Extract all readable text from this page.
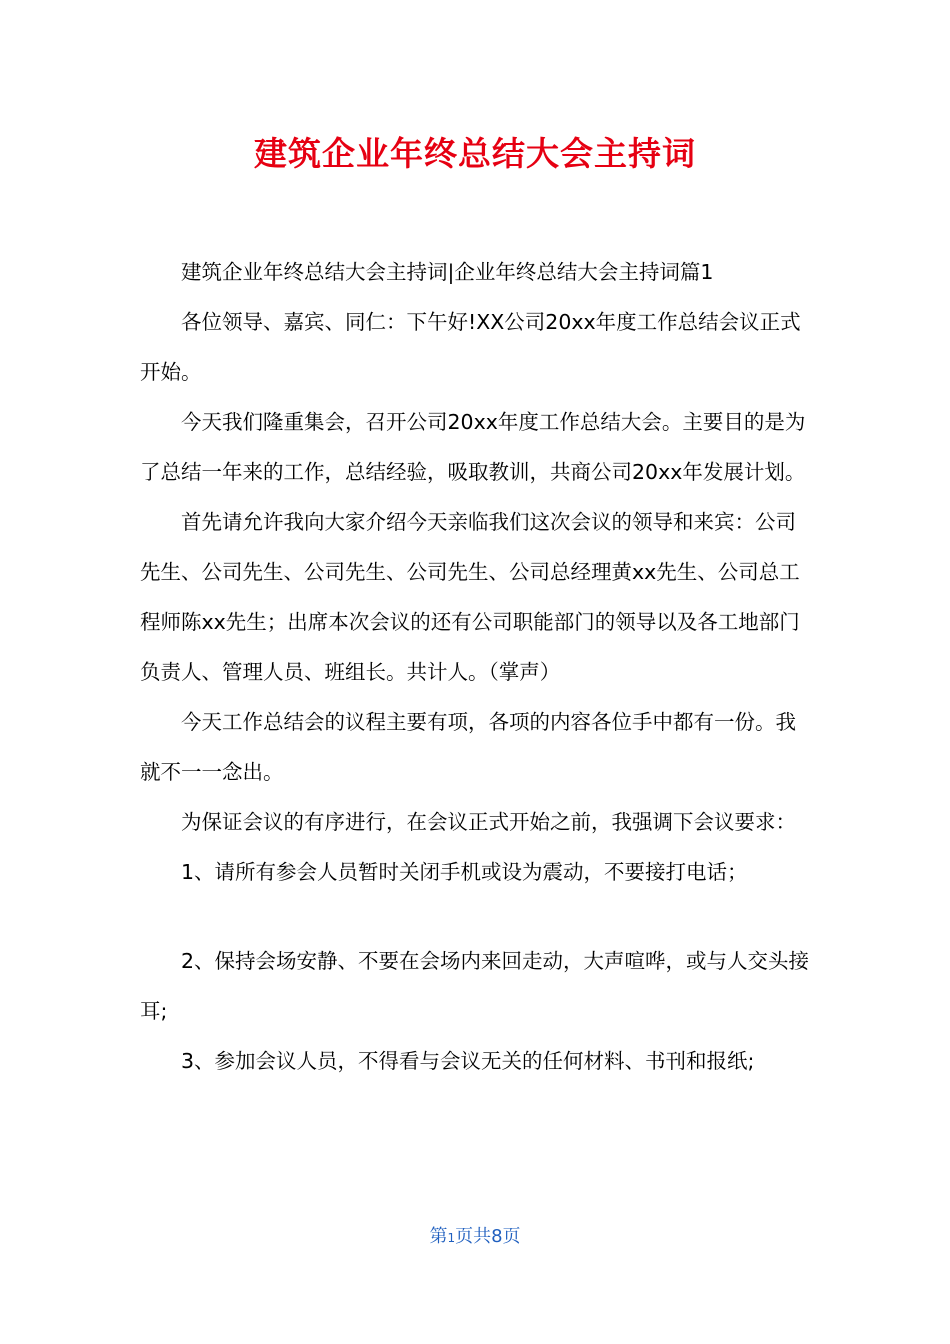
建筑企业年终总结大会主持词

建筑企业年终总结大会主持词|企业年终总结大会主持词篇1

各位领导、嘉宾、同仁：下午好!XX公司20xx年度工作总结会议正式开始。

今天我们隆重集会，召开公司20xx年度工作总结大会。主要目的是为了总结一年来的工作，总结经验，吸取教训，共商公司20xx年发展计划。

首先请允许我向大家介绍今天亲临我们这次会议的领导和来宾：公司先生、公司先生、公司先生、公司先生、公司总经理黄xx先生、公司总工程师陈xx先生；出席本次会议的还有公司职能部门的领导以及各工地部门负责人、管理人员、班组长。共计人。（掌声）

今天工作总结会的议程主要有项，各项的内容各位手中都有一份。我就不一一念出。

为保证会议的有序进行，在会议正式开始之前，我强调下会议要求：

1、请所有参会人员暂时关闭手机或设为震动，不要接打电话；

2、保持会场安静、不要在会场内来回走动，大声喧哗，或与人交头接耳;

3、参加会议人员，不得看与会议无关的任何材料、书刊和报纸;

第1页共8页
